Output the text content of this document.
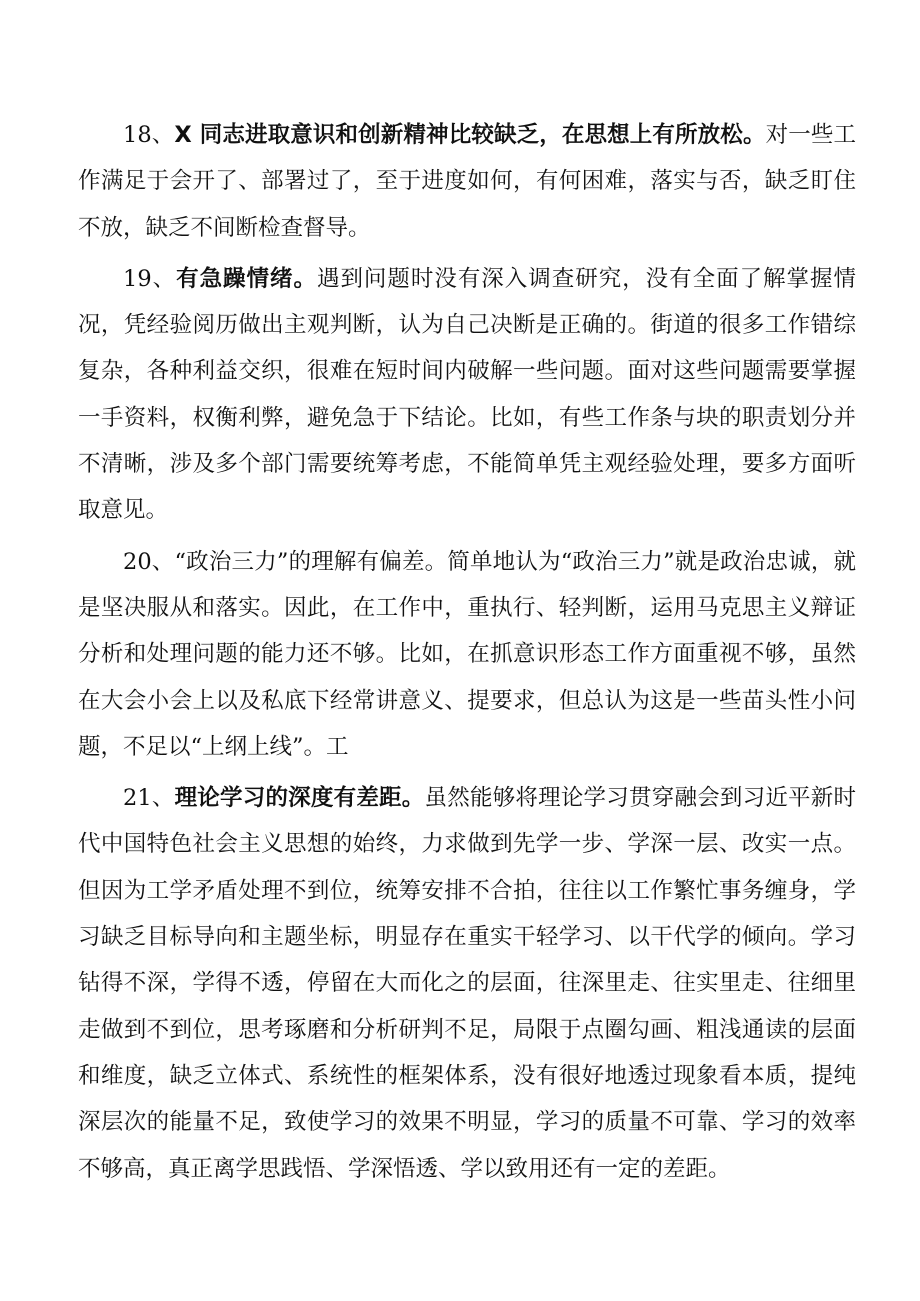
18、X 同志进取意识和创新精神比较缺乏，在思想上有所放松。对一些工作满足于会开了、部署过了，至于进度如何，有何困难，落实与否，缺乏盯住不放，缺乏不间断检查督导。

19、有急躁情绪。遇到问题时没有深入调查研究，没有全面了解掌握情况，凭经验阅历做出主观判断，认为自己决断是正确的。街道的很多工作错综复杂，各种利益交织，很难在短时间内破解一些问题。面对这些问题需要掌握一手资料，权衡利弊，避免急于下结论。比如，有些工作条与块的职责划分并不清晰，涉及多个部门需要统筹考虑，不能简单凭主观经验处理，要多方面听取意见。

20、“政治三力”的理解有偏差。简单地认为“政治三力”就是政治忠诚，就是坚决服从和落实。因此，在工作中，重执行、轻判断，运用马克思主义辩证分析和处理问题的能力还不够。比如，在抓意识形态工作方面重视不够，虽然在大会小会上以及私底下经常讲意义、提要求，但总认为这是一些苗头性小问题，不足以“上纲上线”。工

21、理论学习的深度有差距。虽然能够将理论学习贯穿融会到习近平新时代中国特色社会主义思想的始终，力求做到先学一步、学深一层、改实一点。但因为工学矛盾处理不到位，统筹安排不合拍，往往以工作繁忙事务缠身，学习缺乏目标导向和主题坐标，明显存在重实干轻学习、以干代学的倾向。学习钻得不深，学得不透，停留在大而化之的层面，往深里走、往实里走、往细里走做到不到位，思考琢磨和分析研判不足，局限于点圈勾画、粗浅通读的层面和维度，缺乏立体式、系统性的框架体系，没有很好地透过现象看本质，提纯深层次的能量不足，致使学习的效果不明显，学习的质量不可靠、学习的效率不够高，真正离学思践悟、学深悟透、学以致用还有一定的差距。
